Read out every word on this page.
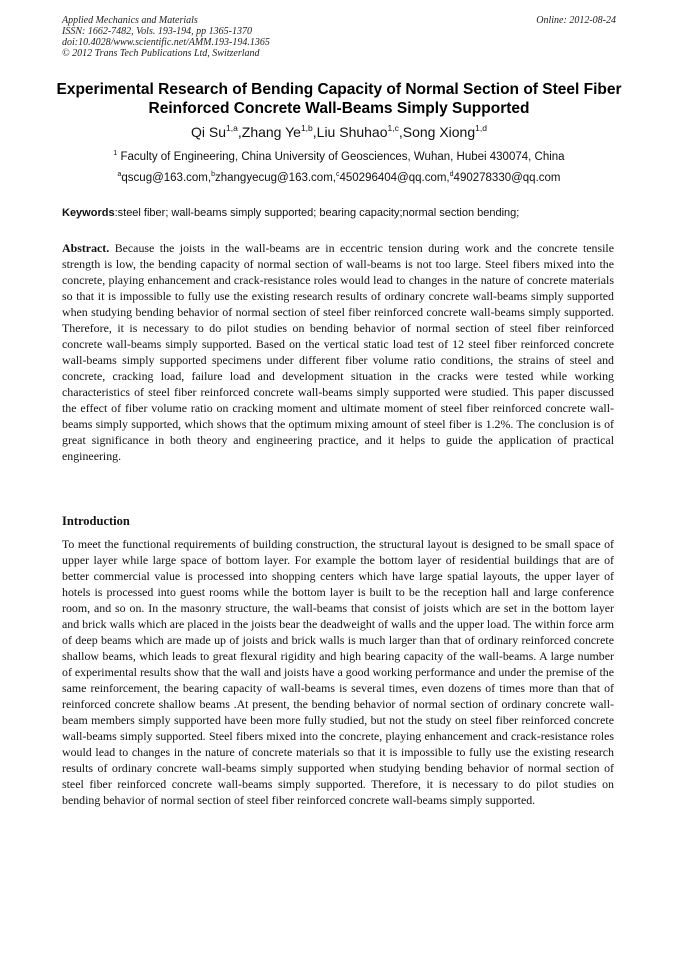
Applied Mechanics and Materials
ISSN: 1662-7482, Vols. 193-194, pp 1365-1370
doi:10.4028/www.scientific.net/AMM.193-194.1365
© 2012 Trans Tech Publications Ltd, Switzerland
Online: 2012-08-24
Experimental Research of Bending Capacity of Normal Section of Steel Fiber Reinforced Concrete Wall-Beams Simply Supported
Qi Su$^{1,a}$,Zhang Ye$^{1,b}$,Liu Shuhao$^{1,c}$,Song Xiong$^{1,d}$
$^1$ Faculty of Engineering, China University of Geosciences, Wuhan, Hubei 430074, China
$^a$qscug@163.com,$^b$zhangyecug@163.com,$^c$450296404@qq.com,$^d$490278330@qq.com
Keywords:steel fiber; wall-beams simply supported; bearing capacity;normal section bending;
Abstract. Because the joists in the wall-beams are in eccentric tension during work and the concrete tensile strength is low, the bending capacity of normal section of wall-beams is not too large. Steel fibers mixed into the concrete, playing enhancement and crack-resistance roles would lead to changes in the nature of concrete materials so that it is impossible to fully use the existing research results of ordinary concrete wall-beams simply supported when studying bending behavior of normal section of steel fiber reinforced concrete wall-beams simply supported. Therefore, it is necessary to do pilot studies on bending behavior of normal section of steel fiber reinforced concrete wall-beams simply supported. Based on the vertical static load test of 12 steel fiber reinforced concrete wall-beams simply supported specimens under different fiber volume ratio conditions, the strains of steel and concrete, cracking load, failure load and development situation in the cracks were tested while working characteristics of steel fiber reinforced concrete wall-beams simply supported were studied. This paper discussed the effect of fiber volume ratio on cracking moment and ultimate moment of steel fiber reinforced concrete wall-beams simply supported, which shows that the optimum mixing amount of steel fiber is 1.2%. The conclusion is of great significance in both theory and engineering practice, and it helps to guide the application of practical engineering.
Introduction
To meet the functional requirements of building construction, the structural layout is designed to be small space of upper layer while large space of bottom layer. For example the bottom layer of residential buildings that are of better commercial value is processed into shopping centers which have large spatial layouts, the upper layer of hotels is processed into guest rooms while the bottom layer is built to be the reception hall and large conference room, and so on. In the masonry structure, the wall-beams that consist of joists which are set in the bottom layer and brick walls which are placed in the joists bear the deadweight of walls and the upper load. The within force arm of deep beams which are made up of joists and brick walls is much larger than that of ordinary reinforced concrete shallow beams, which leads to great flexural rigidity and high bearing capacity of the wall-beams. A large number of experimental results show that the wall and joists have a good working performance and under the premise of the same reinforcement, the bearing capacity of wall-beams is several times, even dozens of times more than that of reinforced concrete shallow beams .At present, the bending behavior of normal section of ordinary concrete wall-beam members simply supported have been more fully studied, but not the study on steel fiber reinforced concrete wall-beams simply supported. Steel fibers mixed into the concrete, playing enhancement and crack-resistance roles would lead to changes in the nature of concrete materials so that it is impossible to fully use the existing research results of ordinary concrete wall-beams simply supported when studying bending behavior of normal section of steel fiber reinforced concrete wall-beams simply supported. Therefore, it is necessary to do pilot studies on bending behavior of normal section of steel fiber reinforced concrete wall-beams simply supported.
